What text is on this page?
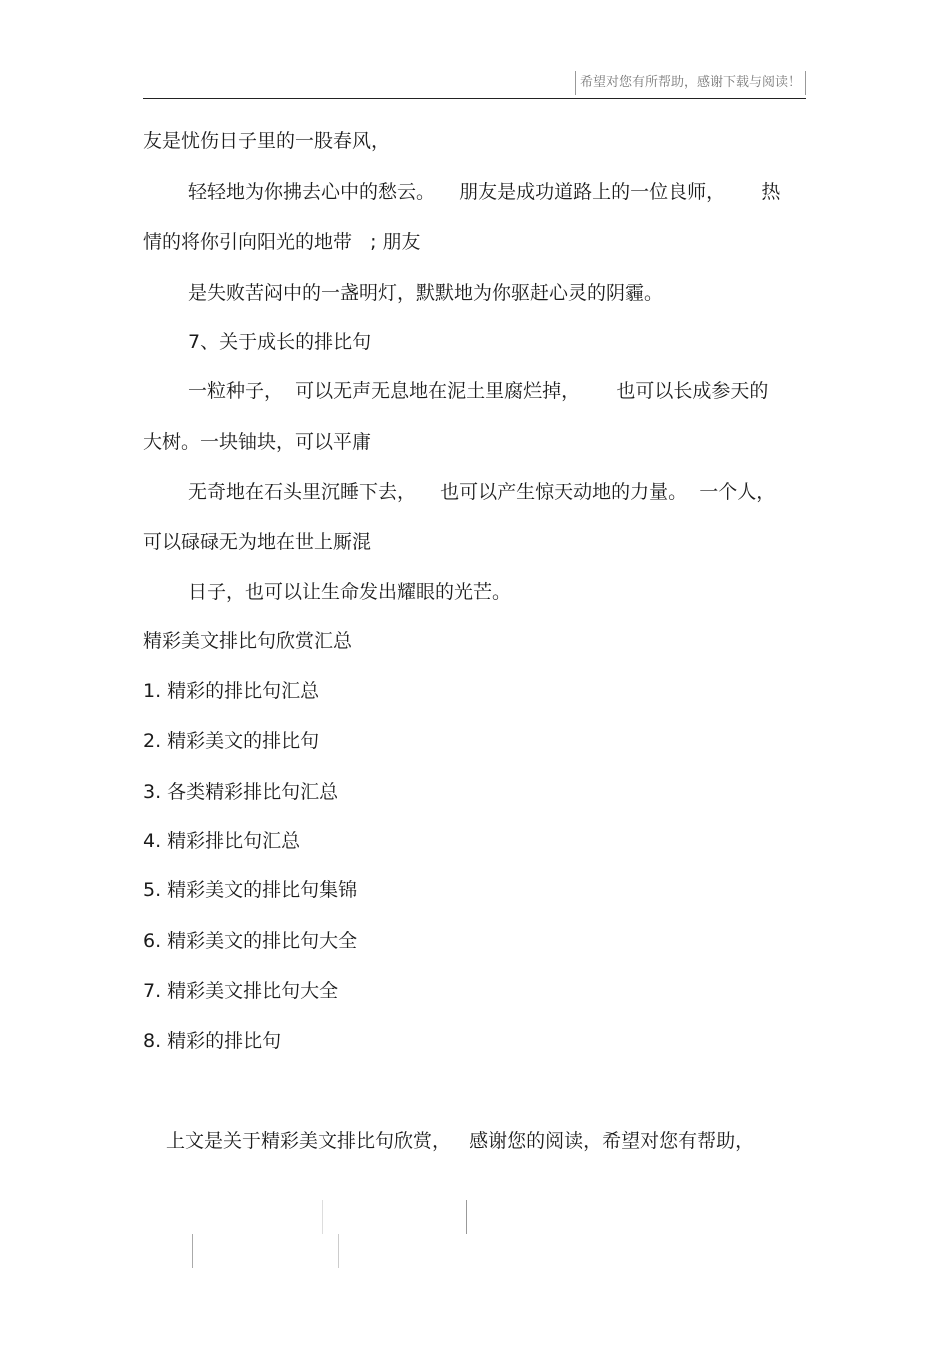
希望对您有所帮助，感谢下载与阅读！
友是忧伤日子里的一股春风，
轻轻地为你拂去心中的愁云。    朋友是成功道路上的一位良师，      热
情的将你引向阳光的地带   ; 朋友
是失败苦闷中的一盏明灯，默默地为你驱赶心灵的阴霾。
7、关于成长的排比句
一粒种子，  可以无声无息地在泥土里腐烂掉，      也可以长成参天的
大树。一块铀块，可以平庸
无奇地在石头里沉睡下去，    也可以产生惊天动地的力量。  一个人，
可以碌碌无为地在世上厮混
日子，也可以让生命发出耀眼的光芒。
精彩美文排比句欣赏汇总
1. 精彩的排比句汇总
2. 精彩美文的排比句
3. 各类精彩排比句汇总
4. 精彩排比句汇总
5. 精彩美文的排比句集锦
6. 精彩美文的排比句大全
7. 精彩美文排比句大全
8. 精彩的排比句
上文是关于精彩美文排比句欣赏，   感谢您的阅读，希望对您有帮助，
